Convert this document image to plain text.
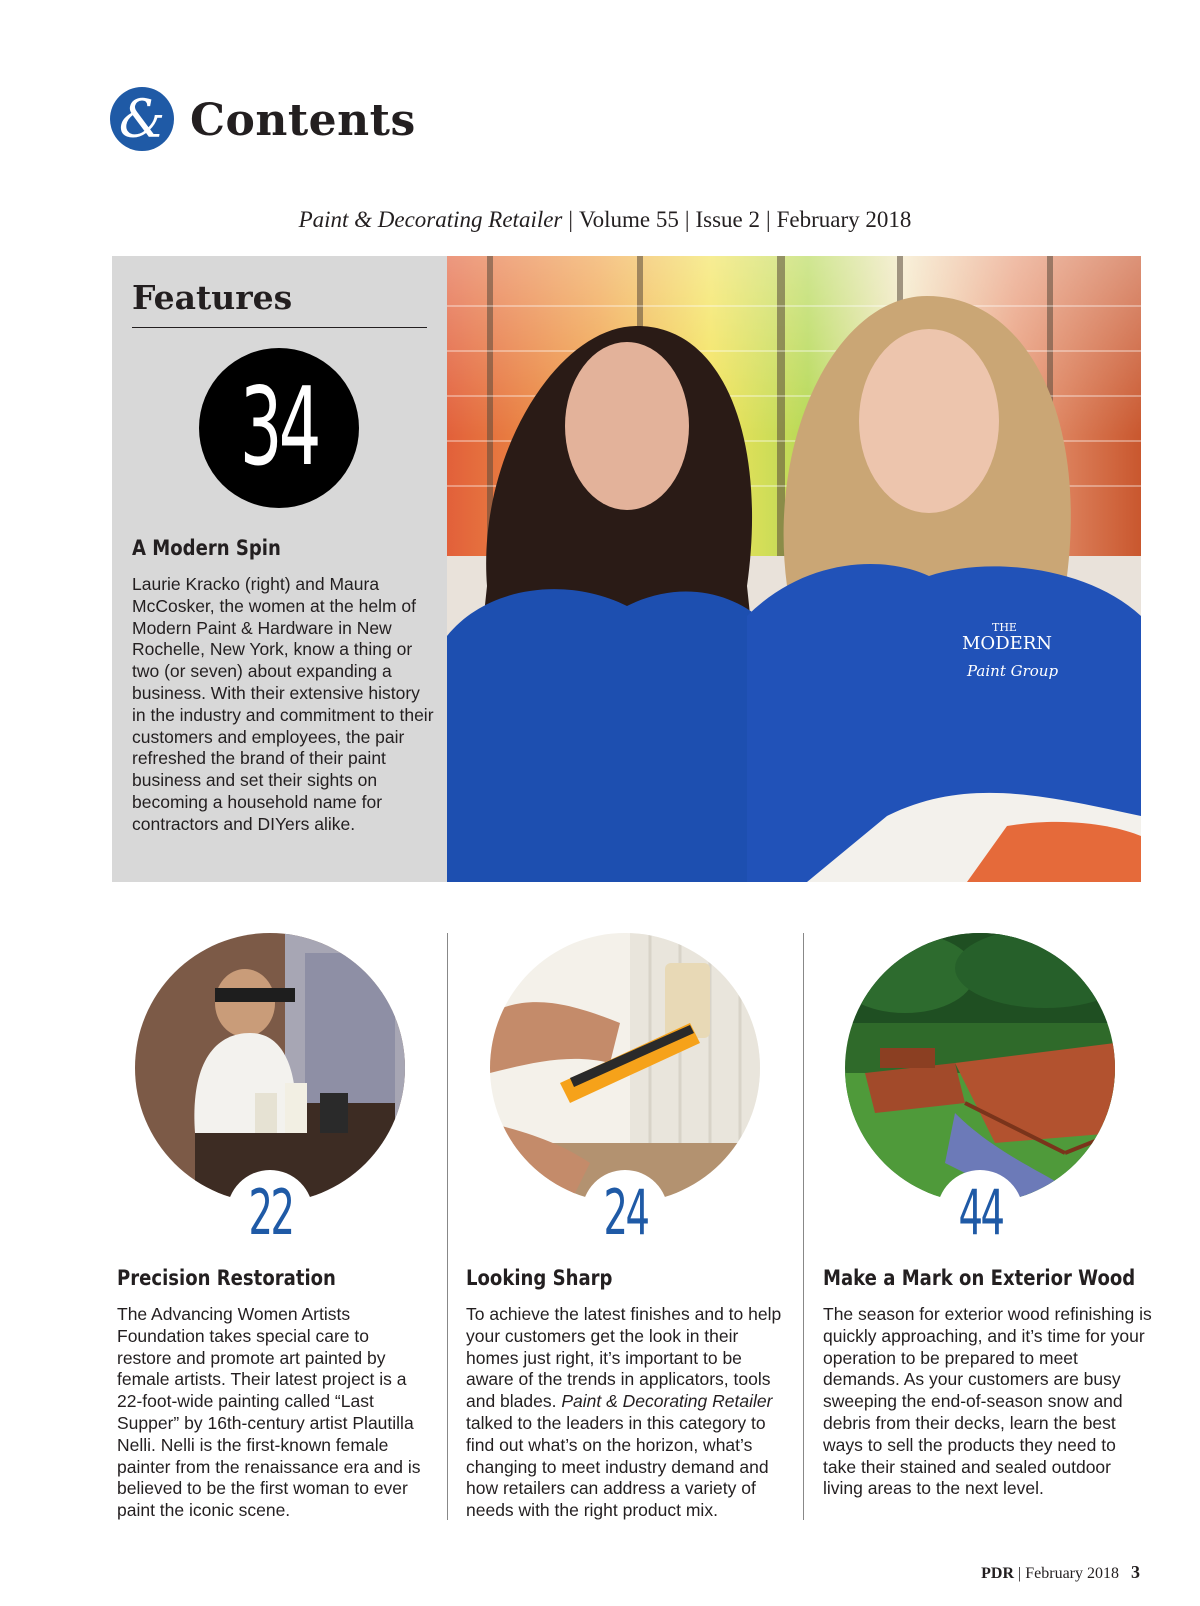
& Contents
Paint & Decorating Retailer | Volume 55 | Issue 2 | February 2018
Features
34
A Modern Spin

Laurie Kracko (right) and Maura McCosker, the women at the helm of Modern Paint & Hardware in New Rochelle, New York, know a thing or two (or seven) about expanding a business. With their extensive history in the industry and commitment to their customers and employees, the pair refreshed the brand of their paint business and set their sights on becoming a household name for contractors and DIYers alike.

THE
MODERN
Paint Group
22
Precision Restoration

The Advancing Women Artists Foundation takes special care to restore and promote art painted by female artists. Their latest project is a 22-foot-wide painting called “Last Supper” by 16th-century artist Plautilla Nelli. Nelli is the first-known female painter from the renaissance era and is believed to be the first woman to ever paint the iconic scene.

24
Looking Sharp

To achieve the latest finishes and to help your customers get the look in their homes just right, it’s important to be aware of the trends in applicators, tools and blades. Paint & Decorating Retailer talked to the leaders in this category to find out what’s on the horizon, what’s changing to meet industry demand and how retailers can address a variety of needs with the right product mix.

44
Make a Mark on Exterior Wood

The season for exterior wood refinishing is quickly approaching, and it’s time for your operation to be prepared to meet demands. As your customers are busy sweeping the end-of-season snow and debris from their decks, learn the best ways to sell the products they need to take their stained and sealed outdoor living areas to the next level.

PDR | February 2018 3
